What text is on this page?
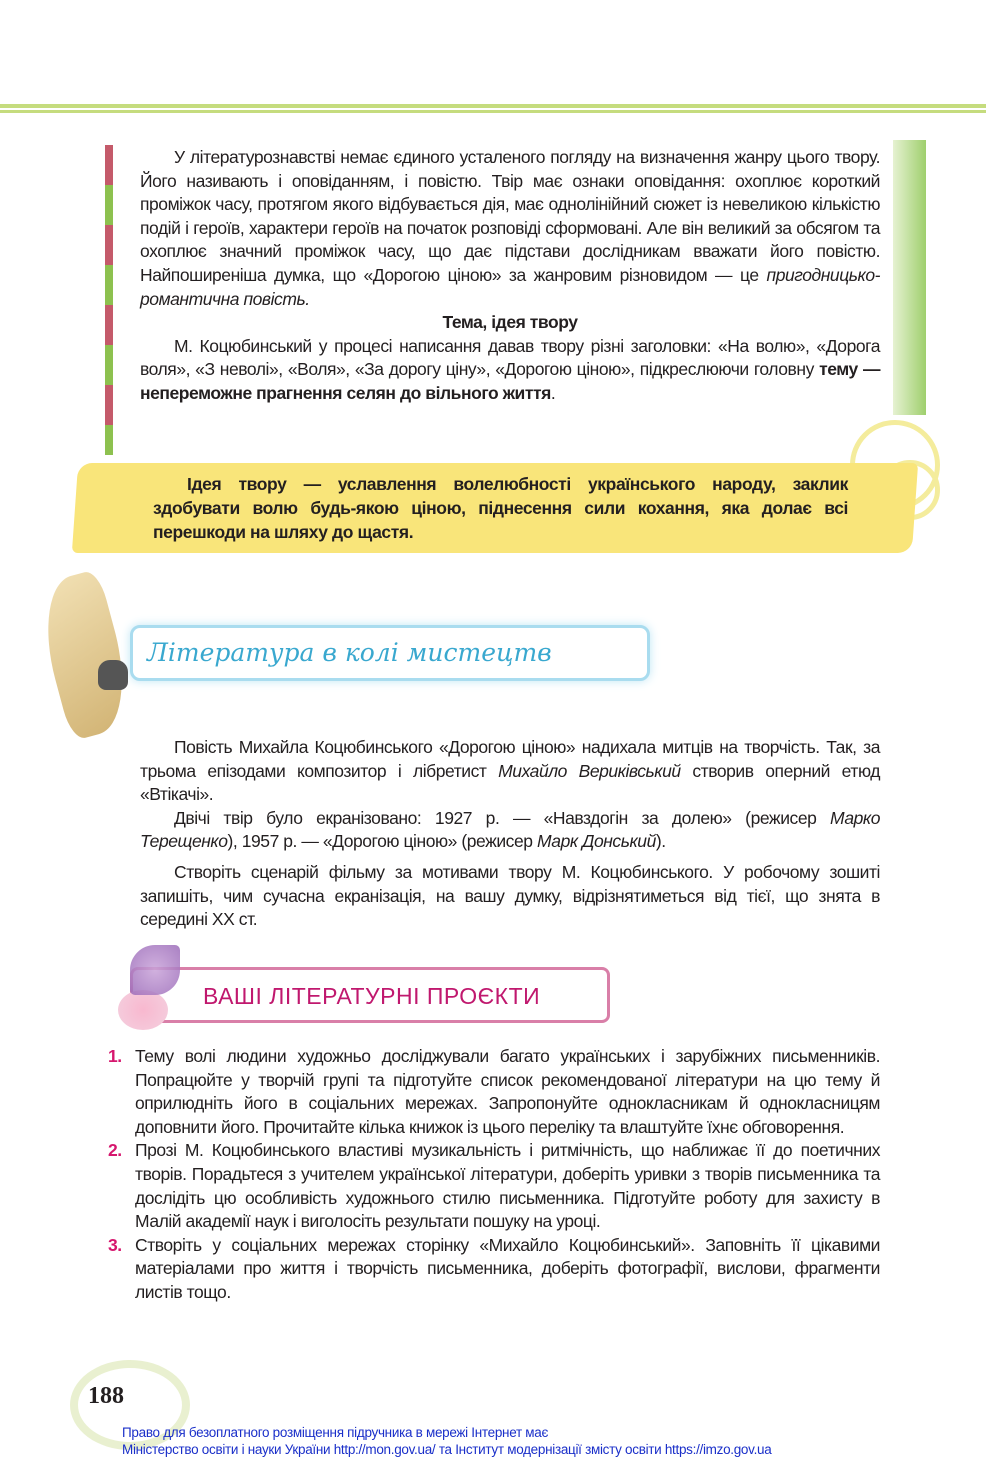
У літературознавстві немає єдиного усталеного погляду на визначення жанру цього твору. Його називають і оповіданням, і повістю. Твір має ознаки оповідання: охоплює короткий проміжок часу, протягом якого відбувається дія, має однолінійний сюжет із невеликою кількістю подій і героїв, характери героїв на початок розповіді сформовані. Але він великий за обсягом та охоплює значний проміжок часу, що дає підстави дослідникам вважати його повістю. Найпоширеніша думка, що «Дорогою ціною» за жанровим різновидом — це пригодницько-романтична повість.

Тема, ідея твору

М. Коцюбинський у процесі написання давав твору різні заголовки: «На волю», «Дорога воля», «З неволі», «Воля», «За дорогу ціну», «Дорогою ціною», підкреслюючи головну тему — непереможне прагнення селян до вільного життя.

Ідея твору — уславлення волелюбності українського народу, заклик здобувати волю будь-якою ціною, піднесення сили кохання, яка долає всі перешкоди на шляху до щастя.
Література в колі мистецтв

Повість Михайла Коцюбинського «Дорогою ціною» надихала митців на творчість. Так, за трьома епізодами композитор і лібретист Михайло Вериківський створив оперний етюд «Втікачі».

Двічі твір було екранізовано: 1927 р. — «Навздогін за долею» (режисер Марко Терещенко), 1957 р. — «Дорогою ціною» (режисер Марк Донський).

Створіть сценарій фільму за мотивами твору М. Коцюбинського. У робочому зошиті запишіть, чим сучасна екранізація, на вашу думку, відрізнятиметься від тієї, що знята в середині ХХ ст.

ВАШІ ЛІТЕРАТУРНІ ПРОЄКТИ
1. Тему волі людини художньо досліджували багато українських і зарубіжних письменників. Попрацюйте у творчій групі та підготуйте список рекомендованої літератури на цю тему й оприлюдніть його в соціальних мережах. Запропонуйте однокласникам й однокласницям доповнити його. Прочитайте кілька книжок із цього переліку та влаштуйте їхнє обговорення.
2. Прозі М. Коцюбинського властиві музикальність і ритмічність, що наближає її до поетичних творів. Порадьтеся з учителем української літератури, доберіть уривки з творів письменника та дослідіть цю особливість художнього стилю письменника. Підготуйте роботу для захисту в Малій академії наук і виголосіть результати пошуку на уроці.
3. Створіть у соціальних мережах сторінку «Михайло Коцюбинський». Заповніть її цікавими матеріалами про життя і творчість письменника, доберіть фотографії, вислови, фрагменти листів тощо.
188
Право для безоплатного розміщення підручника в мережі Інтернет має
Міністерство освіти і науки України http://mon.gov.ua/ та Інститут модернізації змісту освіти https://imzo.gov.ua
